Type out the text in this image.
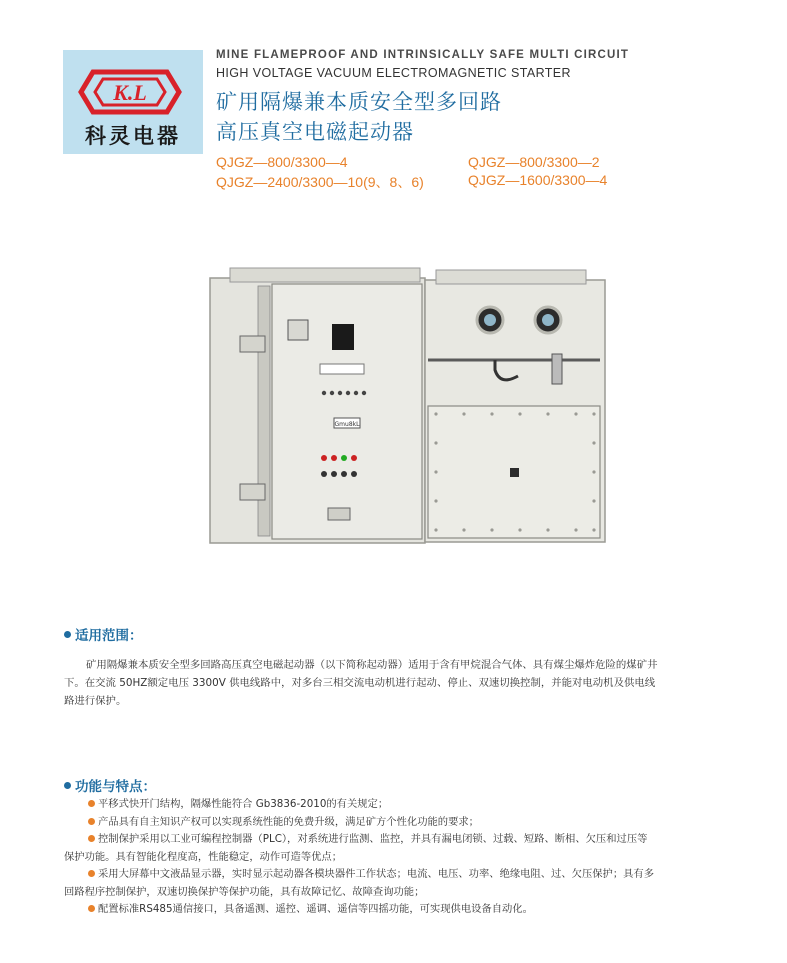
K.L
科灵电器
MINE FLAMEPROOF AND INTRINSICALLY SAFE MULTI CIRCUIT
HIGH VOLTAGE VACUUM ELECTROMAGNETIC STARTER
矿用隔爆兼本质安全型多回路
高压真空电磁起动器
QJGZ—800/3300—4	QJGZ—800/3300—2
QJGZ—2400/3300—10(9、8、6)	QJGZ—1600/3300—4
Gmu8kL
适用范围：
矿用隔爆兼本质安全型多回路高压真空电磁起动器（以下简称起动器）适用于含有甲烷混合气体、具有煤尘爆炸危险的煤矿井
下。在交流 50HZ额定电压 3300V 供电线路中，对多台三相交流电动机进行起动、停止、双速切换控制，并能对电动机及供电线
路进行保护。
功能与特点：
平移式快开门结构，隔爆性能符合 Gb3836-2010的有关规定；
产品具有自主知识产权可以实现系统性能的免费升级，满足矿方个性化功能的要求；
控制保护采用以工业可编程控制器（PLC），对系统进行监测、监控，并具有漏电闭锁、过载、短路、断相、欠压和过压等
保护功能。具有智能化程度高，性能稳定，动作可造等优点；
采用大屏幕中文液晶显示器，实时显示起动器各模块器件工作状态；电流、电压、功率、绝缘电阻、过、欠压保护；具有多
回路程序控制保护，双速切换保护等保护功能，具有故障记忆、故障查询功能；
配置标准RS485通信接口，具备遥测、遥控、遥调、遥信等四摇功能，可实现供电设备自动化。
